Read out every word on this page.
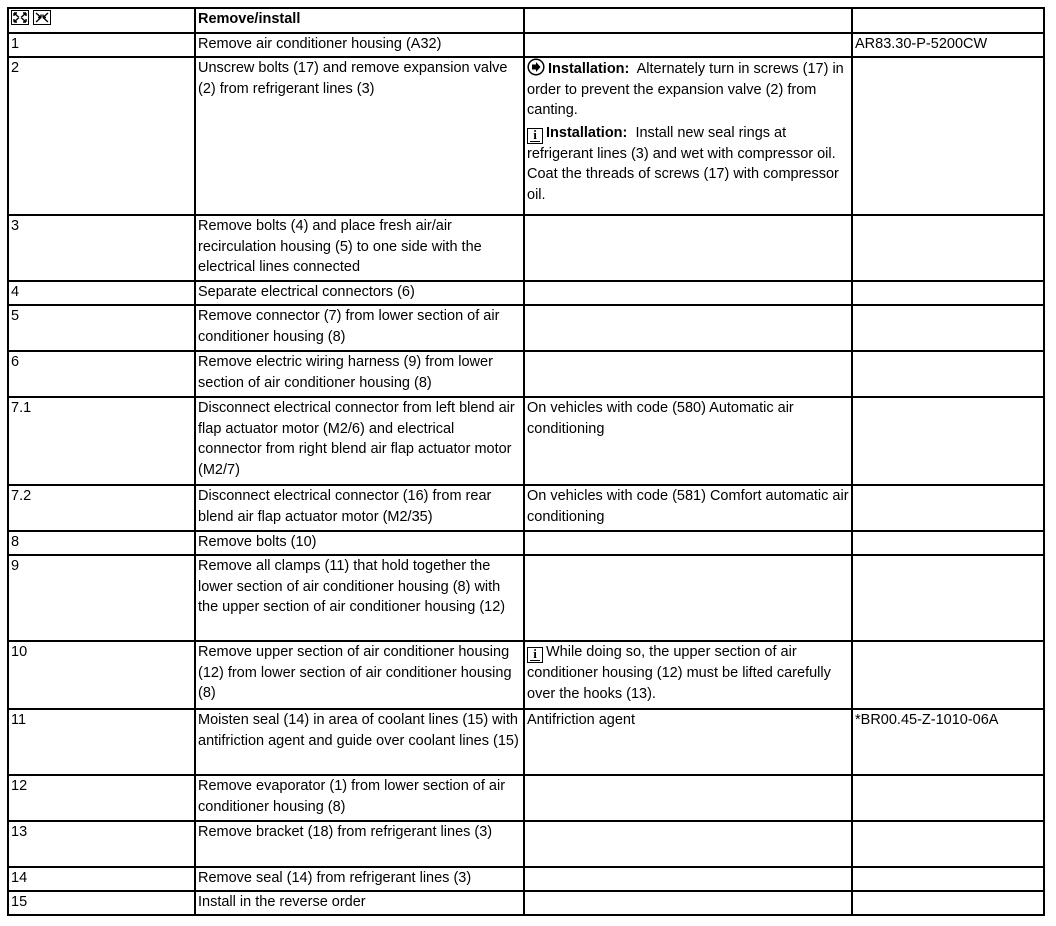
	Remove/install		
1	Remove air conditioner housing (A32)		AR83.30-P-5200CW
2	Unscrew bolts (17) and remove expansion valve (2) from refrigerant lines (3)	Installation: Alternately turn in screws (17) in order to prevent the expansion valve (2) from canting.
i Installation: Install new seal rings at refrigerant lines (3) and wet with compressor oil. Coat the threads of screws (17) with compressor oil.	

3	Remove bolts (4) and place fresh air/air recirculation housing (5) to one side with the electrical lines connected		
4	Separate electrical connectors (6)		
5	Remove connector (7) from lower section of air conditioner housing (8)		
6	Remove electric wiring harness (9) from lower section of air conditioner housing (8)		
7.1	Disconnect electrical connector from left blend air flap actuator motor (M2/6) and electrical connector from right blend air flap actuator motor (M2/7)	On vehicles with code (580) Automatic air conditioning	

7.2	Disconnect electrical connector (16) from rear blend air flap actuator motor (M2/35)	On vehicles with code (581) Comfort automatic air conditioning	

8	Remove bolts (10)		
9	Remove all clamps (11) that hold together the lower section of air conditioner housing (8) with the upper section of air conditioner housing (12)		
10	Remove upper section of air conditioner housing (12) from lower section of air conditioner housing (8)	i While doing so, the upper section of air conditioner housing (12) must be lifted carefully over the hooks (13).	

11	Moisten seal (14) in area of coolant lines (15) with antifriction agent and guide over coolant lines (15)	Antifriction agent	*BR00.45-Z-1010-06A
12	Remove evaporator (1) from lower section of air conditioner housing (8)		
13	Remove bracket (18) from refrigerant lines (3)		
14	Remove seal (14) from refrigerant lines (3)		
15	Install in the reverse order		
